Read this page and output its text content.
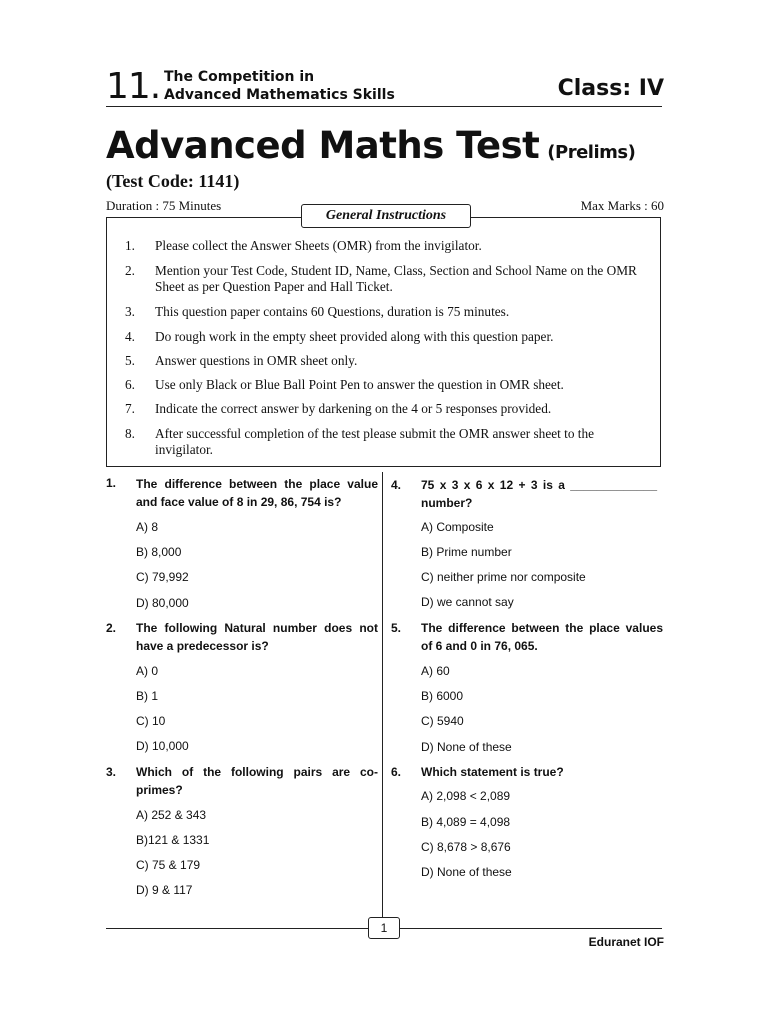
11. The Competition in
Advanced Mathematics Skills	Class: IV
Advanced Maths Test (Prelims)
(Test Code: 1141)
Duration : 75 Minutes	Max Marks : 60
General Instructions
1.	Please collect the Answer Sheets (OMR) from the invigilator.
2.	Mention your Test Code, Student ID, Name, Class, Section and School Name on the OMR Sheet as per Question Paper and Hall Ticket.
3.	This question paper contains 60 Questions, duration is 75 minutes.
4.	Do rough work in the empty sheet provided along with this question paper.
5.	Answer questions in OMR sheet only.
6.	Use only Black or Blue Ball Point Pen to answer the question in OMR sheet.
7.	Indicate the correct answer by darkening on the 4 or 5 responses provided.
8.	After successful completion of the test please submit the OMR answer sheet to the invigilator.
1. The difference between the place value and face value of 8 in 29, 86, 754 is?
A) 8
B) 8,000
C) 79,992
D) 80,000
2. The following Natural number does not have a predecessor is?
A) 0
B) 1
C) 10
D) 10,000
3. Which of the following pairs are co-primes?
A) 252 & 343
B)121 & 1331
C) 75 & 179
D) 9 & 117
4. 75 x 3 x 6 x 12 + 3 is a _____________ number?
A) Composite
B) Prime number
C) neither prime nor composite
D) we cannot say
5. The difference between the place values of 6 and 0 in 76, 065.
A) 60
B) 6000
C) 5940
D) None of these
6. Which statement is true?
A) 2,098 < 2,089
B) 4,089 = 4,098
C) 8,678 > 8,676
D) None of these
1
Eduranet IOF
